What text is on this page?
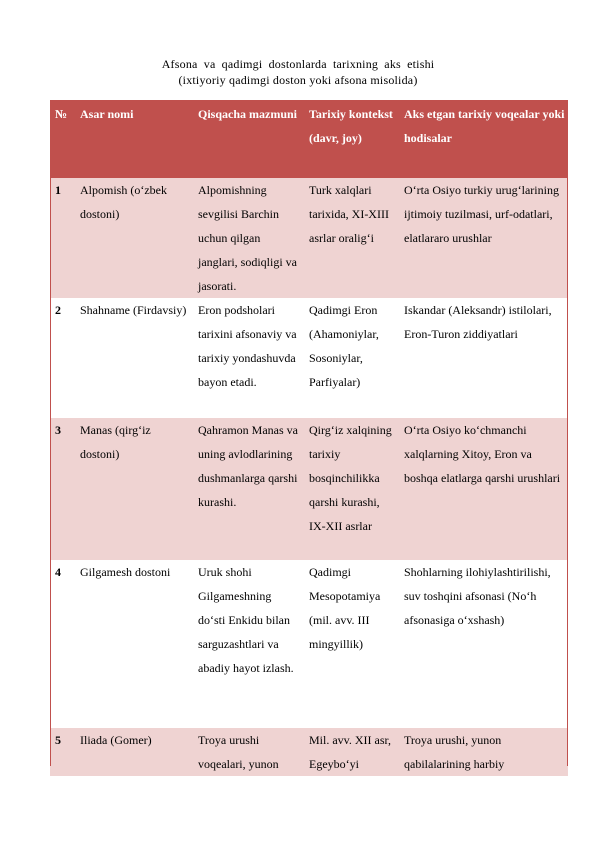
Afsona va qadimgi dostonlarda tarixning aks etishi
(ixtiyoriy qadimgi doston yoki afsona misolida)
№	Asar nomi	Qisqacha mazmuni	Tarixiy kontekst (davr, joy)	Aks etgan tarixiy voqealar yoki hodisalar
1	Alpomish (o‘zbek dostoni)	Alpomishning sevgilisi Barchin uchun qilgan janglari, sodiqligi va jasorati.	Turk xalqlari tarixida, XI-XIII asrlar oralig‘i	O‘rta Osiyo turkiy urug‘larining ijtimoiy tuzilmasi, urf-odatlari, elatlararo urushlar
2	Shahname (Firdavsiy)	Eron podsholari tarixini afsonaviy va tarixiy yondashuvda bayon etadi.	Qadimgi Eron (Ahamoniylar, Sosoniylar, Parfiyalar)	Iskandar (Aleksandr) istilolari, Eron-Turon ziddiyatlari
3	Manas (qirg‘iz dostoni)	Qahramon Manas va uning avlodlarining dushmanlarga qarshi kurashi.	Qirg‘iz xalqining tarixiy bosqinchilikka qarshi kurashi, IX-XII asrlar	O‘rta Osiyo ko‘chmanchi xalqlarning Xitoy, Eron va boshqa elatlarga qarshi urushlari
4	Gilgamesh dostoni	Uruk shohi Gilgameshning do‘sti Enkidu bilan sarguzashtlari va abadiy hayot izlash.	Qadimgi Mesopotamiya (mil. avv. III mingyillik)	Shohlarning ilohiylashtirilishi, suv toshqini afsonasi (No‘h afsonasiga o‘xshash)
5	Iliada (Gomer)	Troya urushi voqealari, yunon	Mil. avv. XII asr, Egeybo‘yi	Troya urushi, yunon qabilalarining harbiy
